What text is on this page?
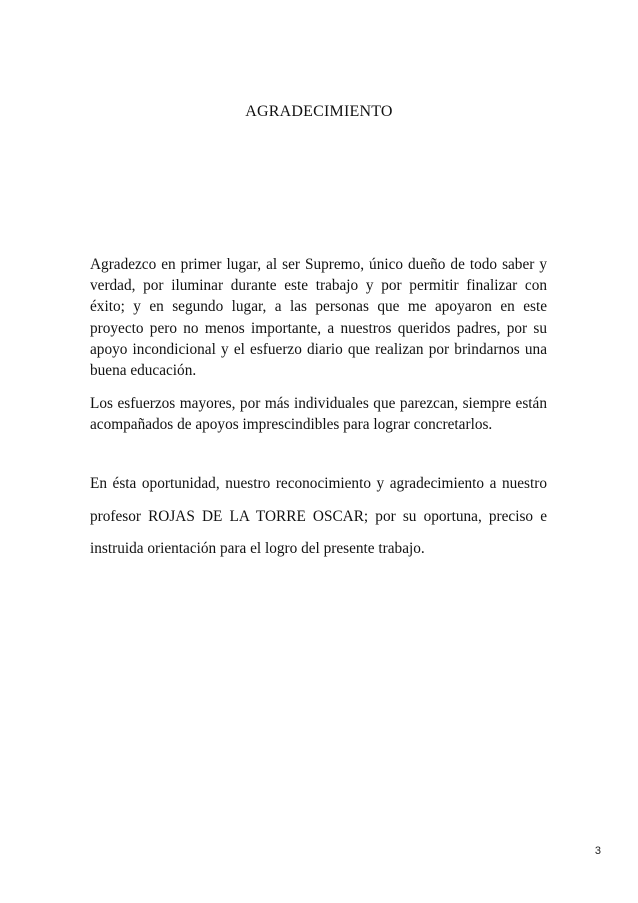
AGRADECIMIENTO

Agradezco en primer lugar, al ser Supremo, único dueño de todo saber y verdad, por iluminar durante este trabajo y por permitir finalizar con éxito; y en segundo lugar, a las personas que me apoyaron en este proyecto pero no menos importante, a nuestros queridos padres, por su apoyo incondicional y el esfuerzo diario que realizan por brindarnos una buena educación.

Los esfuerzos mayores, por más individuales que parezcan, siempre están acompañados de apoyos imprescindibles para lograr concretarlos.

En ésta oportunidad, nuestro reconocimiento y agradecimiento a nuestro profesor ROJAS DE LA TORRE OSCAR; por su oportuna, preciso e instruida orientación para el logro del presente trabajo.

3
